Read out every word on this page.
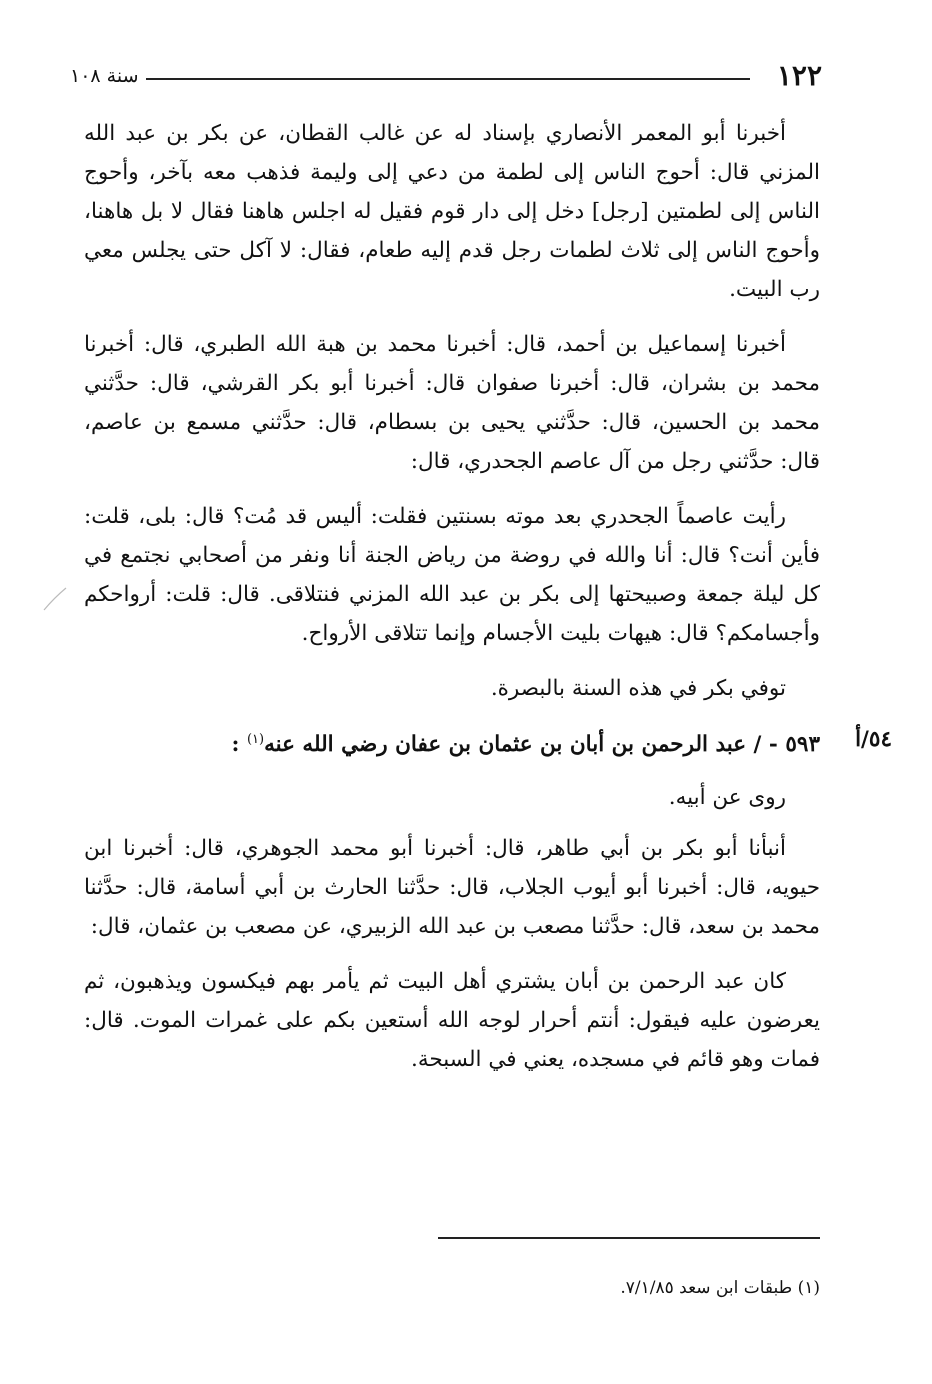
١٢٢
سنة ١٠٨

أخبرنا أبو المعمر الأنصاري بإسناد له عن غالب القطان، عن بكر بن عبد الله المزني قال: أحوج الناس إلى لطمة من دعي إلى وليمة فذهب معه بآخر، وأحوج الناس إلى لطمتين [رجل] دخل إلى دار قوم فقيل له اجلس هاهنا فقال لا بل هاهنا، وأحوج الناس إلى ثلاث لطمات رجل قدم إليه طعام، فقال: لا آكل حتى يجلس معي رب البيت.

أخبرنا إسماعيل بن أحمد، قال: أخبرنا محمد بن هبة الله الطبري، قال: أخبرنا محمد بن بشران، قال: أخبرنا صفوان قال: أخبرنا أبو بكر القرشي، قال: حدَّثني محمد بن الحسين، قال: حدَّثني يحيى بن بسطام، قال: حدَّثني مسمع بن عاصم، قال: حدَّثني رجل من آل عاصم الجحدري، قال:

رأيت عاصماً الجحدري بعد موته بسنتين فقلت: أليس قد مُت؟ قال: بلى، قلت: فأين أنت؟ قال: أنا والله في روضة من رياض الجنة أنا ونفر من أصحابي نجتمع في كل ليلة جمعة وصبيحتها إلى بكر بن عبد الله المزني فنتلاقى. قال: قلت: أرواحكم وأجسامكم؟ قال: هيهات بليت الأجسام وإنما تتلاقى الأرواح.

توفي بكر في هذه السنة بالبصرة.

٥٤/أ
٥٩٣ - / عبد الرحمن بن أبان بن عثمان بن عفان رضي الله عنه$^{(١)}$ :

روى عن أبيه.

أنبأنا أبو بكر بن أبي طاهر، قال: أخبرنا أبو محمد الجوهري، قال: أخبرنا ابن حيويه، قال: أخبرنا أبو أيوب الجلاب، قال: حدَّثنا الحارث بن أبي أسامة، قال: حدَّثنا محمد بن سعد، قال: حدَّثنا مصعب بن عبد الله الزبيري، عن مصعب بن عثمان، قال:

كان عبد الرحمن بن أبان يشتري أهل البيت ثم يأمر بهم فيكسون ويذهبون، ثم يعرضون عليه فيقول: أنتم أحرار لوجه الله أستعين بكم على غمرات الموت. قال: فمات وهو قائم في مسجده، يعني في السبحة.

(١) طبقات ابن سعد ٧/١/٨٥.
